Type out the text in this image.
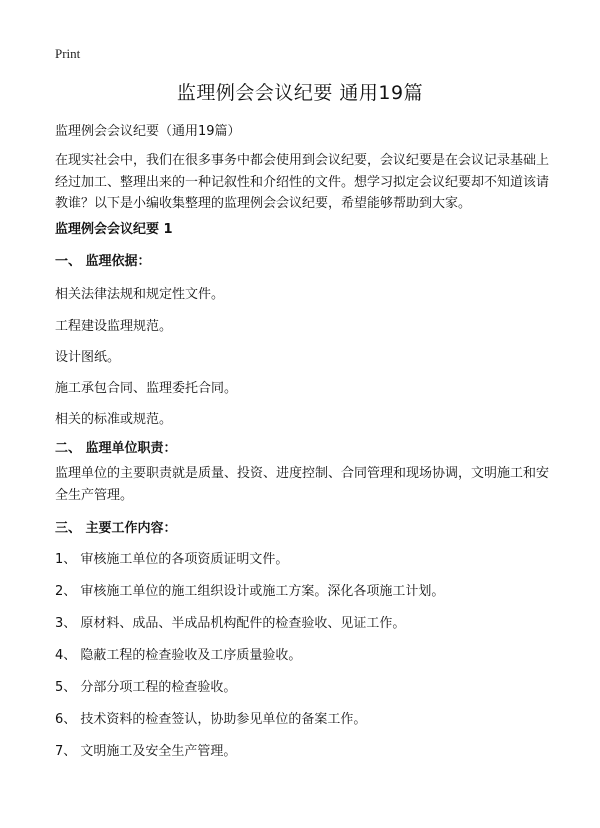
Print
监理例会会议纪要 通用19篇
监理例会会议纪要（通用19篇）
在现实社会中，我们在很多事务中都会使用到会议纪要，会议纪要是在会议记录基础上经过加工、整理出来的一种记叙性和介绍性的文件。想学习拟定会议纪要却不知道该请教谁？以下是小编收集整理的监理例会会议纪要，希望能够帮助到大家。
监理例会会议纪要 1
一、 监理依据：
相关法律法规和规定性文件。
工程建设监理规范。
设计图纸。
施工承包合同、监理委托合同。
相关的标准或规范。
二、 监理单位职责：
监理单位的主要职责就是质量、投资、进度控制、合同管理和现场协调，文明施工和安全生产管理。
三、 主要工作内容：
1、 审核施工单位的各项资质证明文件。
2、 审核施工单位的施工组织设计或施工方案。深化各项施工计划。
3、 原材料、成品、半成品机构配件的检查验收、见证工作。
4、 隐蔽工程的检查验收及工序质量验收。
5、 分部分项工程的检查验收。
6、 技术资料的检查签认，协助参见单位的备案工作。
7、 文明施工及安全生产管理。
